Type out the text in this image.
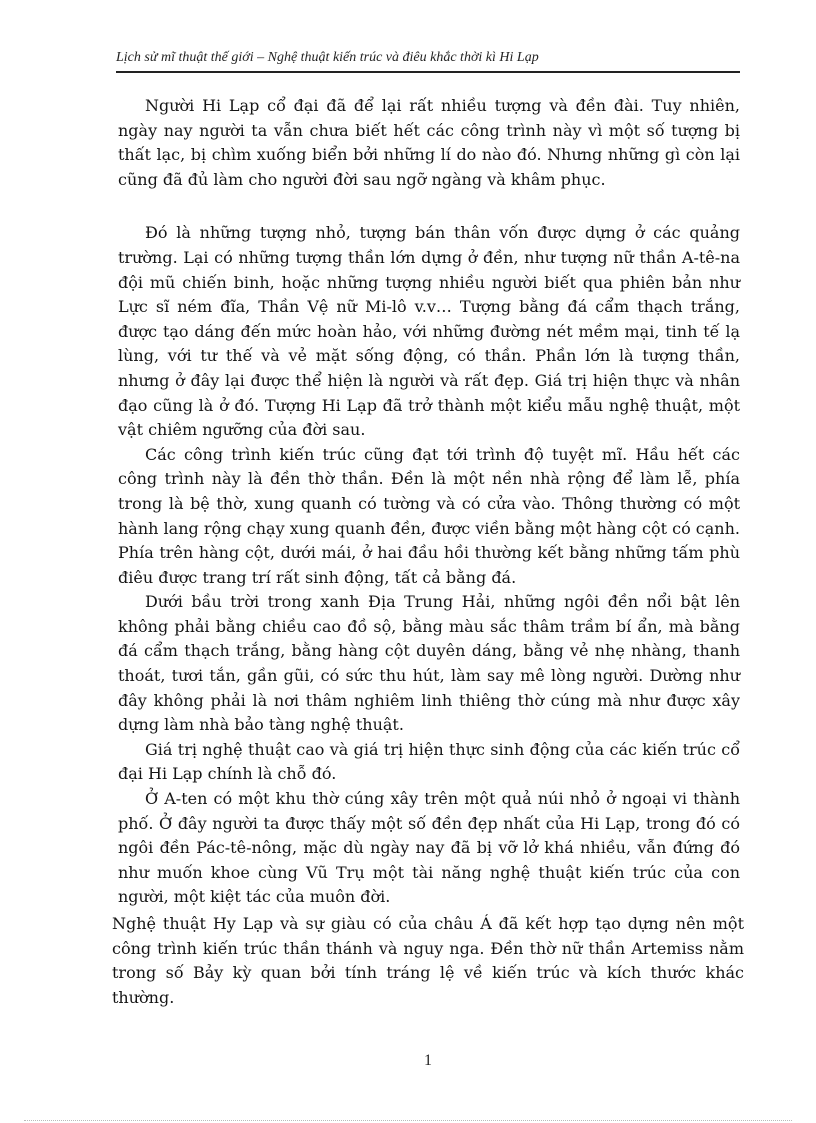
Lịch sử mĩ thuật thế giới – Nghệ thuật kiến trúc và điêu khắc thời kì Hi Lạp

Người Hi Lạp cổ đại đã để lại rất nhiều tượng và đền đài. Tuy nhiên, ngày nay người ta vẫn chưa biết hết các công trình này vì một số tượng bị thất lạc, bị chìm xuống biển bởi những lí do nào đó. Nhưng những gì còn lại cũng đã đủ làm cho người đời sau ngỡ ngàng và khâm phục.

Đó là những tượng nhỏ, tượng bán thân vốn được dựng ở các quảng trường. Lại có những tượng thần lớn dựng ở đền, như tượng nữ thần A-tê-na đội mũ chiến binh, hoặc những tượng nhiều người biết qua phiên bản như Lực sĩ ném đĩa, Thần Vệ nữ Mi-lô v.v… Tượng bằng đá cẩm thạch trắng, được tạo dáng đến mức hoàn hảo, với những đường nét mềm mại, tinh tế lạ lùng, với tư thế và vẻ mặt sống động, có thần. Phần lớn là tượng thần, nhưng ở đây lại được thể hiện là người và rất đẹp. Giá trị hiện thực và nhân đạo cũng là ở đó. Tượng Hi Lạp đã trở thành một kiểu mẫu nghệ thuật, một vật chiêm ngưỡng của đời sau.

Các công trình kiến trúc cũng đạt tới trình độ tuyệt mĩ. Hầu hết các công trình này là đền thờ thần. Đền là một nền nhà rộng để làm lễ, phía trong là bệ thờ, xung quanh có tường và có cửa vào. Thông thường có một hành lang rộng chạy xung quanh đền, được viền bằng một hàng cột có cạnh. Phía trên hàng cột, dưới mái, ở hai đầu hồi thường kết bằng những tấm phù điêu được trang trí rất sinh động, tất cả bằng đá.

Dưới bầu trời trong xanh Địa Trung Hải, những ngôi đền nổi bật lên không phải bằng chiều cao đồ sộ, bằng màu sắc thâm trầm bí ẩn, mà bằng đá cẩm thạch trắng, bằng hàng cột duyên dáng, bằng vẻ nhẹ nhàng, thanh thoát, tươi tắn, gần gũi, có sức thu hút, làm say mê lòng người. Dường như đây không phải là nơi thâm nghiêm linh thiêng thờ cúng mà như được xây dựng làm nhà bảo tàng nghệ thuật.

Giá trị nghệ thuật cao và giá trị hiện thực sinh động của các kiến trúc cổ đại Hi Lạp chính là chỗ đó.

Ở A-ten có một khu thờ cúng xây trên một quả núi nhỏ ở ngoại vi thành phố. Ở đây người ta được thấy một số đền đẹp nhất của Hi Lạp, trong đó có ngôi đền Pác-tê-nông, mặc dù ngày nay đã bị vỡ lở khá nhiều, vẫn đứng đó như muốn khoe cùng Vũ Trụ một tài năng nghệ thuật kiến trúc của con người, một kiệt tác của muôn đời.

Nghệ thuật Hy Lạp và sự giàu có của châu Á đã kết hợp tạo dựng nên một công trình kiến trúc thần thánh và nguy nga. Đền thờ nữ thần Artemiss nằm trong số Bảy kỳ quan bởi tính tráng lệ về kiến trúc và kích thước khác thường.

1
